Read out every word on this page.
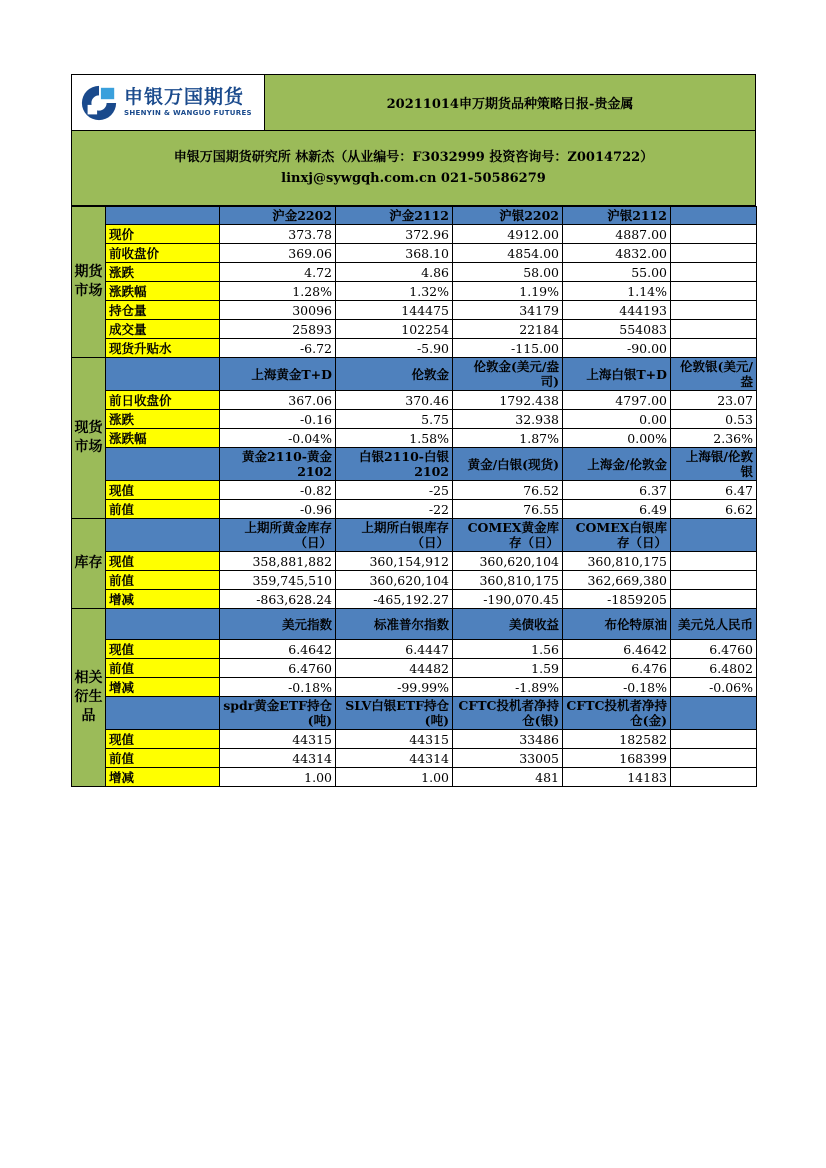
申银万国期货
SHENYIN & WANGUO FUTURES
20211014申万期货品种策略日报-贵金属
申银万国期货研究所 林新杰（从业编号：F3032999 投资咨询号：Z0014722）
linxj@sywgqh.com.cn 021-50586279
期货市场		沪金2202	沪金2112	沪银2202	沪银2112	
	现价	373.78	372.96	4912.00	4887.00	
	前收盘价	369.06	368.10	4854.00	4832.00	
	涨跌	4.72	4.86	58.00	55.00	
	涨跌幅	1.28%	1.32%	1.19%	1.14%	
	持仓量	30096	144475	34179	444193	
	成交量	25893	102254	22184	554083	
	现货升贴水	-6.72	-5.90	-115.00	-90.00	
现货市场		上海黄金T+D	伦敦金	伦敦金(美元/盎司)	上海白银T+D	伦敦银(美元/盎
	前日收盘价	367.06	370.46	1792.438	4797.00	23.07
	涨跌	-0.16	5.75	32.938	0.00	0.53
	涨跌幅	-0.04%	1.58%	1.87%	0.00%	2.36%
		黄金2110-黄金2102	白银2110-白银2102	黄金/白银(现货)	上海金/伦敦金	上海银/伦敦银
	现值	-0.82	-25	76.52	6.37	6.47
	前值	-0.96	-22	76.55	6.49	6.62
库存		上期所黄金库存（日）	上期所白银库存（日）	COMEX黄金库存（日）	COMEX白银库存（日）	
	现值	358,881,882	360,154,912	360,620,104	360,810,175	
	前值	359,745,510	360,620,104	360,810,175	362,669,380	
	增减	-863,628.24	-465,192.27	-190,070.45	-1859205	
相关衍生品		美元指数	标准普尔指数	美债收益	布伦特原油	美元兑人民币
	现值	6.4642	6.4447	1.56	6.4642	6.4760
	前值	6.4760	44482	1.59	6.476	6.4802
	增减	-0.18%	-99.99%	-1.89%	-0.18%	-0.06%
		spdr黄金ETF持仓(吨)	SLV白银ETF持仓(吨)	CFTC投机者净持仓(银)	CFTC投机者净持仓(金)	
	现值	44315	44315	33486	182582	
	前值	44314	44314	33005	168399	
	增减	1.00	1.00	481	14183	
